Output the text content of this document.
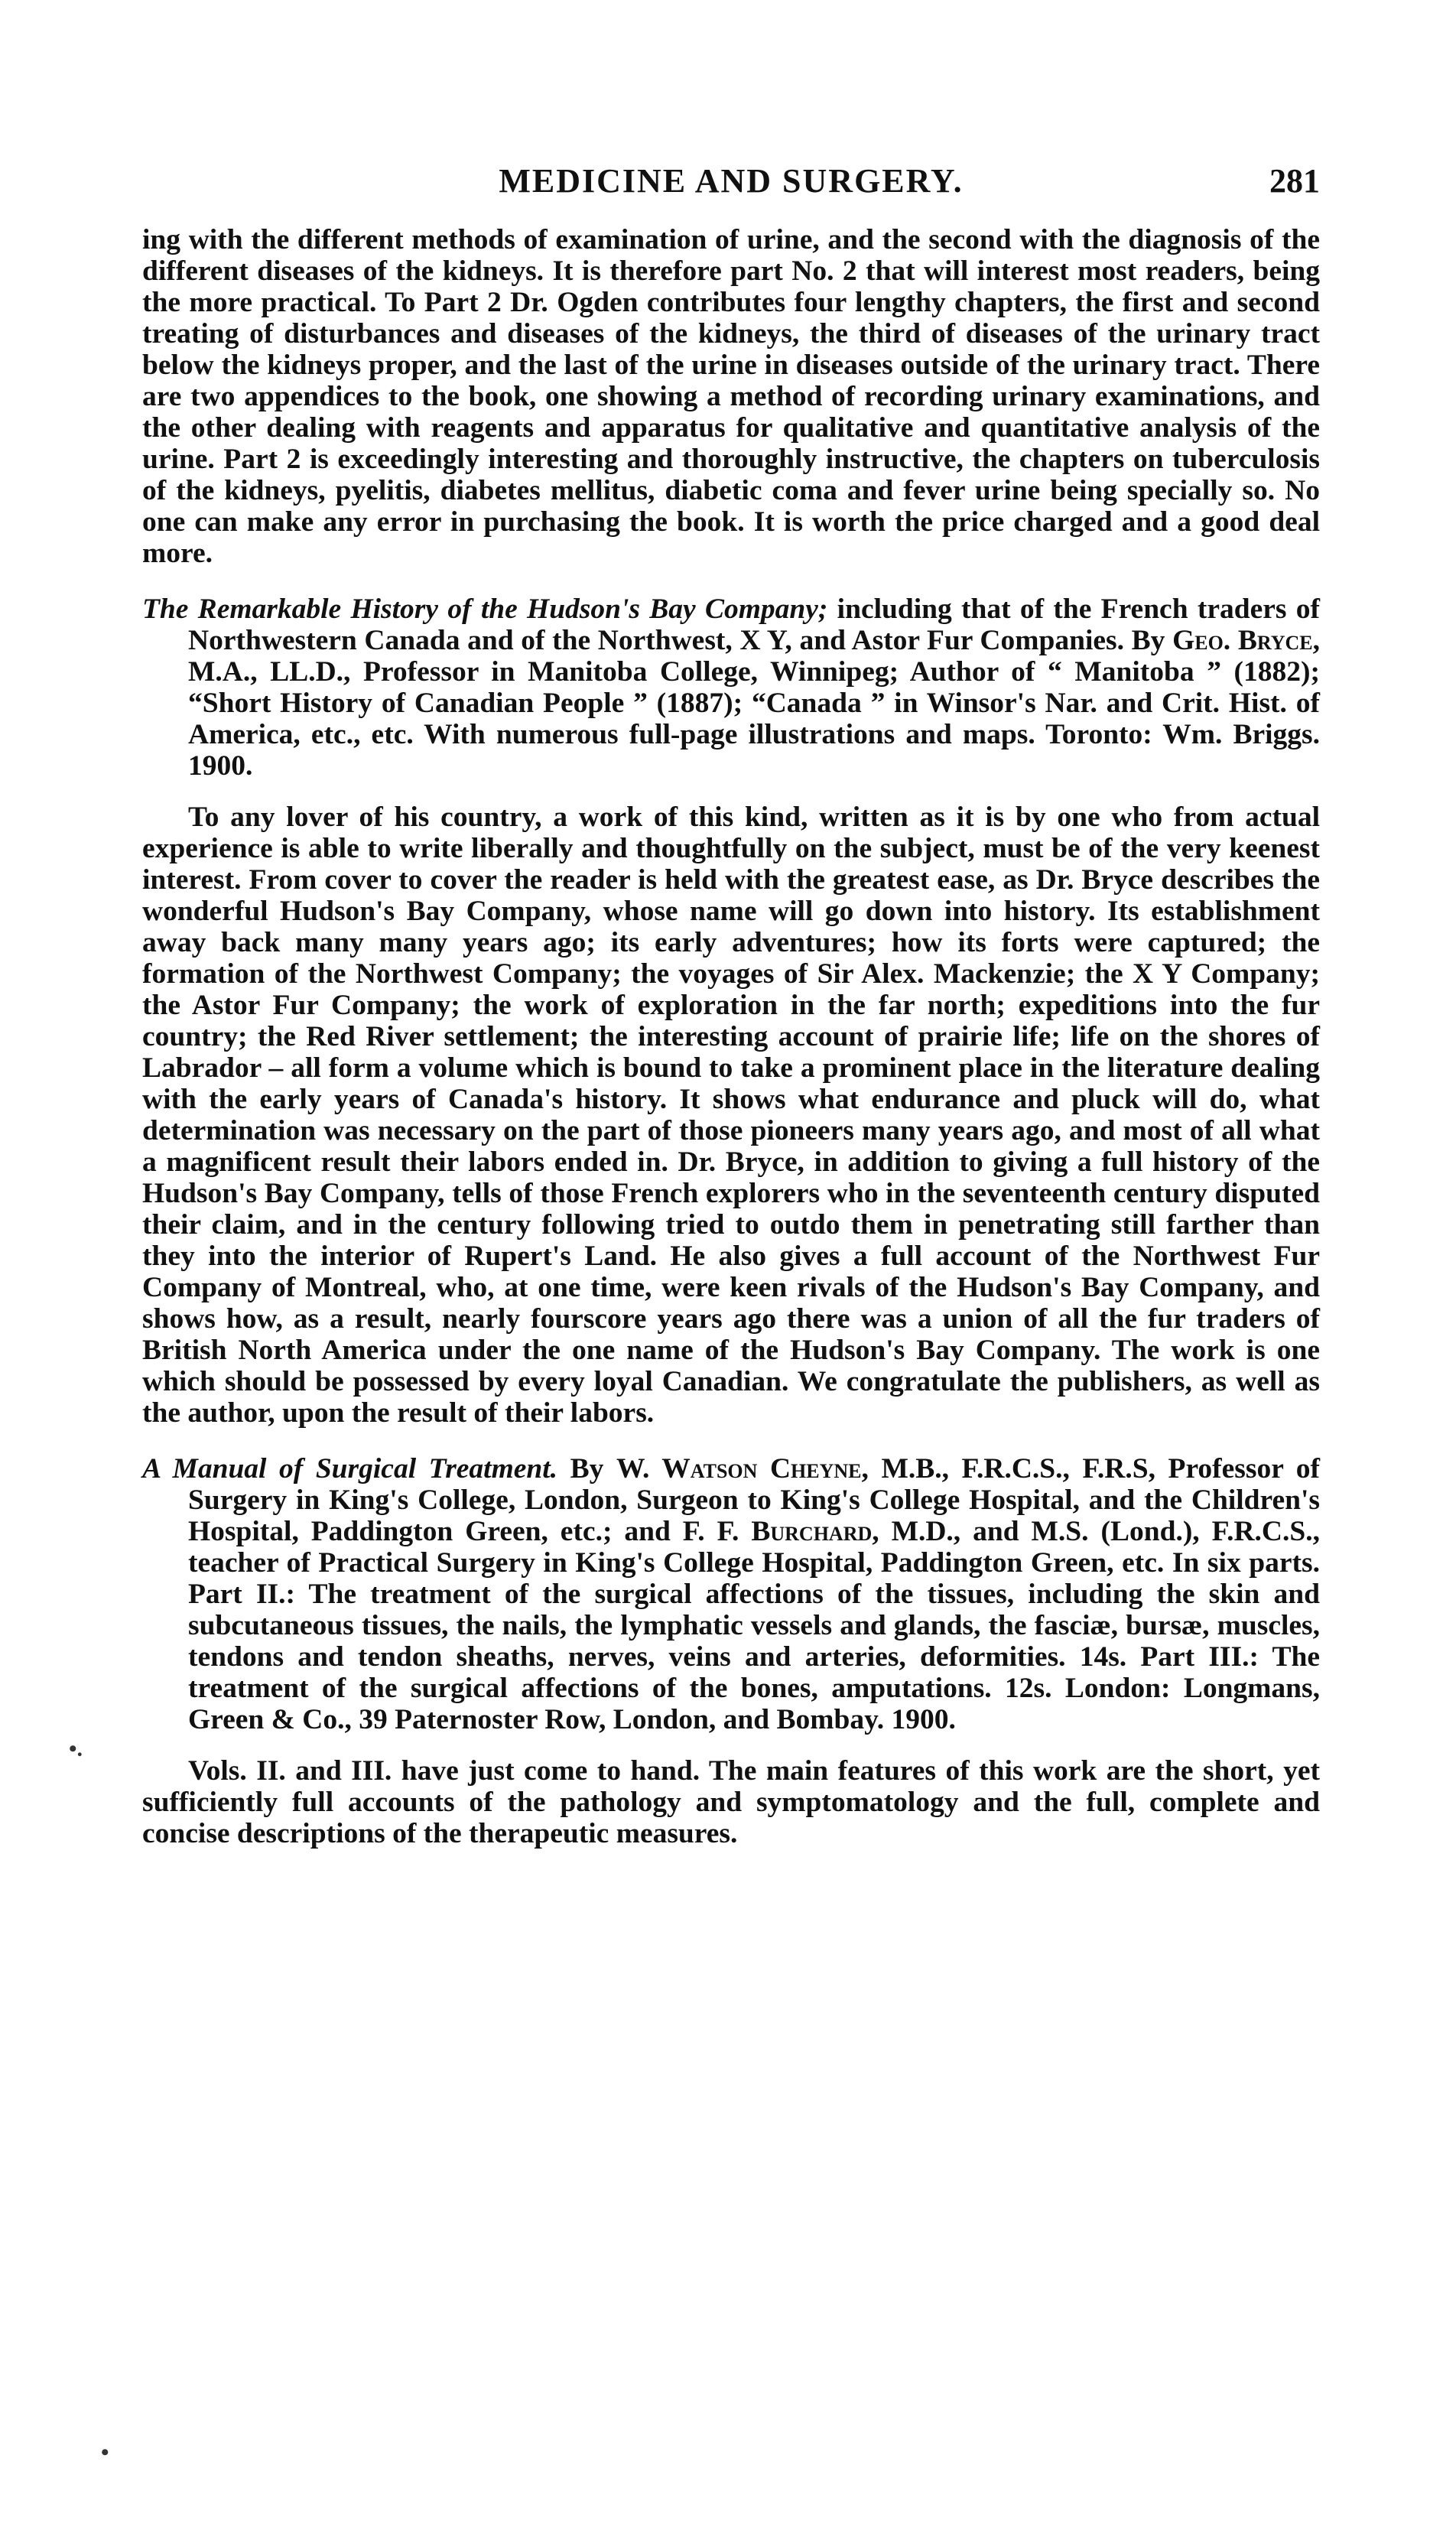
MEDICINE AND SURGERY.	281

ing with the different methods of examination of urine, and the second with the diagnosis of the different diseases of the kidneys. It is therefore part No. 2 that will interest most readers, being the more practical. To Part 2 Dr. Ogden contributes four lengthy chapters, the first and second treating of disturbances and diseases of the kidneys, the third of diseases of the urinary tract below the kidneys proper, and the last of the urine in diseases outside of the urinary tract. There are two appendices to the book, one showing a method of recording urinary examinations, and the other dealing with reagents and apparatus for qualitative and quantitative analysis of the urine. Part 2 is exceedingly interesting and thoroughly instructive, the chapters on tuberculosis of the kidneys, pyelitis, diabetes mellitus, diabetic coma and fever urine being specially so. No one can make any error in purchasing the book. It is worth the price charged and a good deal more.

The Remarkable History of the Hudson's Bay Company; including that of the French traders of Northwestern Canada and of the Northwest, X Y, and Astor Fur Companies. By Geo. Bryce, M.A., LL.D., Professor in Manitoba College, Winnipeg; Author of “ Manitoba ” (1882); “Short History of Canadian People ” (1887); “Canada ” in Winsor's Nar. and Crit. Hist. of America, etc., etc. With numerous full-page illustrations and maps. Toronto: Wm. Briggs. 1900.

To any lover of his country, a work of this kind, written as it is by one who from actual experience is able to write liberally and thoughtfully on the subject, must be of the very keenest interest. From cover to cover the reader is held with the greatest ease, as Dr. Bryce describes the wonderful Hudson's Bay Company, whose name will go down into history. Its establishment away back many many years ago; its early adventures; how its forts were captured; the formation of the Northwest Company; the voyages of Sir Alex. Mackenzie; the X Y Company; the Astor Fur Company; the work of exploration in the far north; expeditions into the fur country; the Red River settlement; the interesting account of prairie life; life on the shores of Labrador – all form a volume which is bound to take a prominent place in the literature dealing with the early years of Canada's history. It shows what endurance and pluck will do, what determination was necessary on the part of those pioneers many years ago, and most of all what a magnificent result their labors ended in. Dr. Bryce, in addition to giving a full history of the Hudson's Bay Company, tells of those French explorers who in the seventeenth century disputed their claim, and in the century following tried to outdo them in penetrating still farther than they into the interior of Rupert's Land. He also gives a full account of the Northwest Fur Company of Montreal, who, at one time, were keen rivals of the Hudson's Bay Company, and shows how, as a result, nearly fourscore years ago there was a union of all the fur traders of British North America under the one name of the Hudson's Bay Company. The work is one which should be possessed by every loyal Canadian. We congratulate the publishers, as well as the author, upon the result of their labors.

A Manual of Surgical Treatment. By W. Watson Cheyne, M.B., F.R.C.S., F.R.S, Professor of Surgery in King's College, London, Surgeon to King's College Hospital, and the Children's Hospital, Paddington Green, etc.; and F. F. Burchard, M.D., and M.S. (Lond.), F.R.C.S., teacher of Practical Surgery in King's College Hospital, Paddington Green, etc. In six parts. Part II.: The treatment of the surgical affections of the tissues, including the skin and subcutaneous tissues, the nails, the lymphatic vessels and glands, the fasciæ, bursæ, muscles, tendons and tendon sheaths, nerves, veins and arteries, deformities. 14s. Part III.: The treatment of the surgical affections of the bones, amputations. 12s. London: Longmans, Green & Co., 39 Paternoster Row, London, and Bombay. 1900.

Vols. II. and III. have just come to hand. The main features of this work are the short, yet sufficiently full accounts of the pathology and symptomatology and the full, complete and concise descriptions of the therapeutic measures.

•.
•
